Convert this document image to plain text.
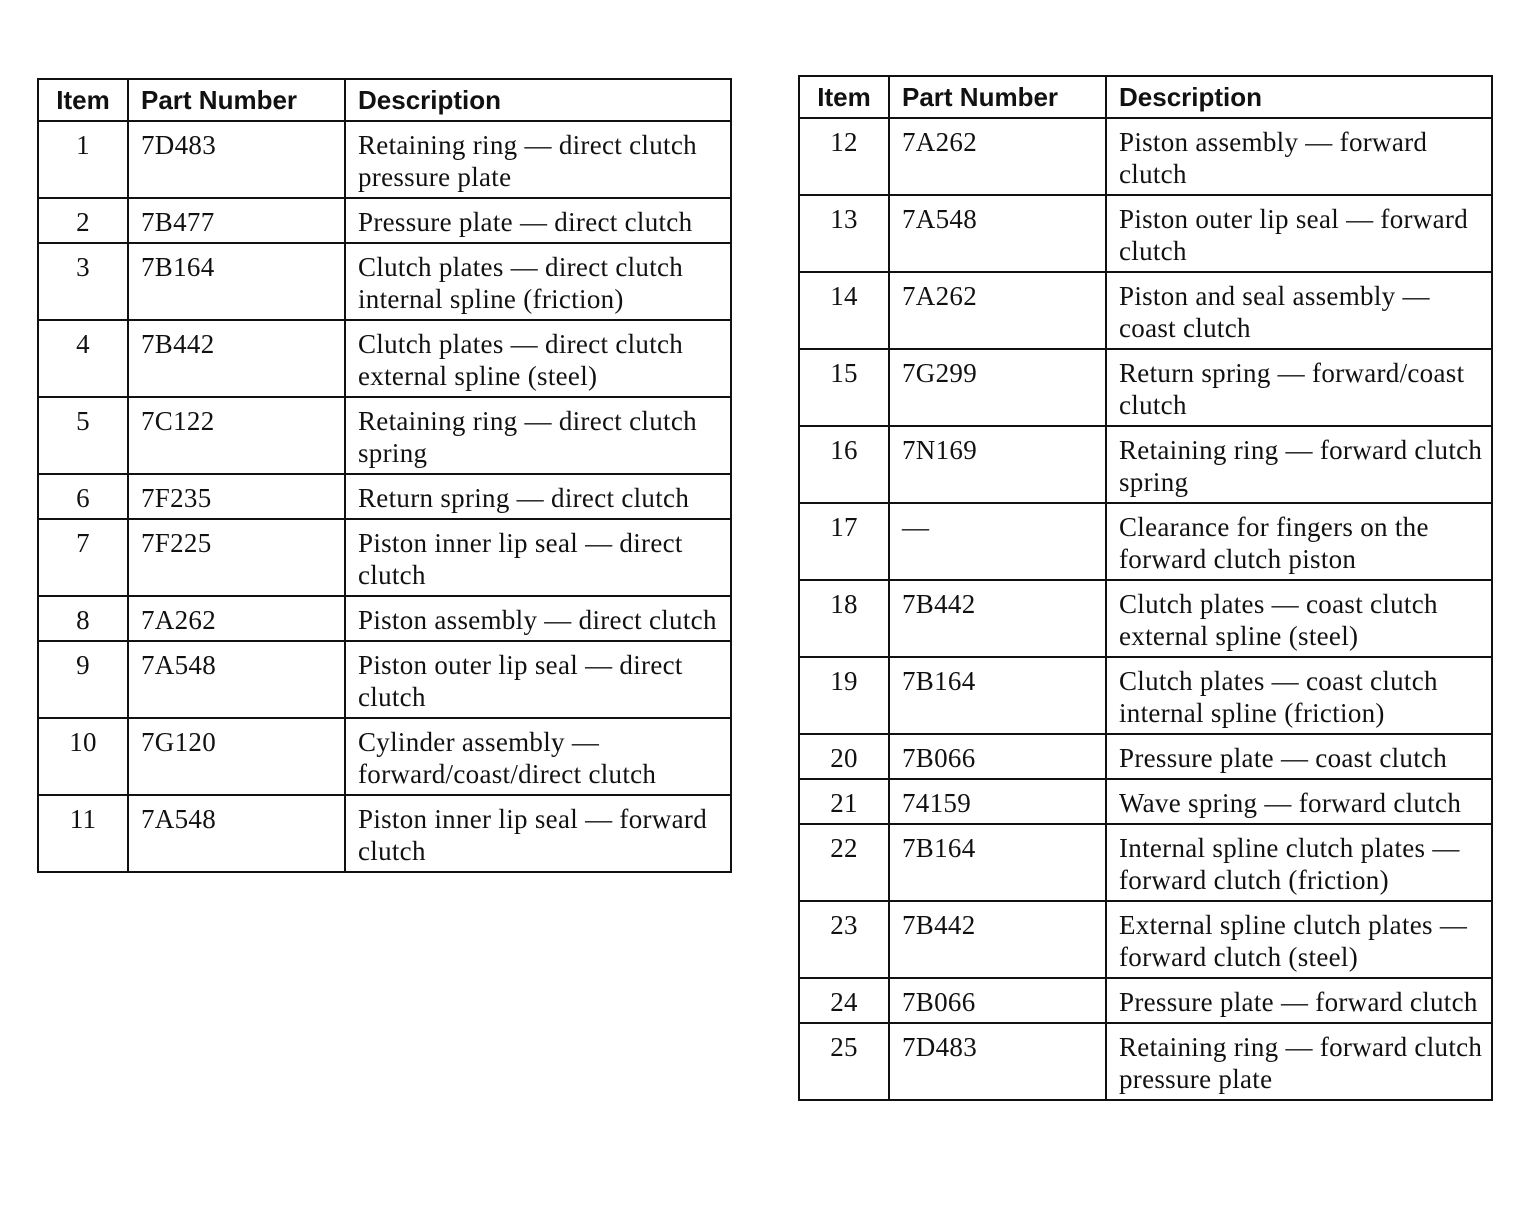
Item	Part Number	Description
1	7D483	Retaining ring — direct clutch pressure plate
2	7B477	Pressure plate — direct clutch
3	7B164	Clutch plates — direct clutch internal spline (friction)
4	7B442	Clutch plates — direct clutch external spline (steel)
5	7C122	Retaining ring — direct clutch spring
6	7F235	Return spring — direct clutch
7	7F225	Piston inner lip seal — direct clutch
8	7A262	Piston assembly — direct clutch
9	7A548	Piston outer lip seal — direct clutch
10	7G120	Cylinder assembly — forward/coast/direct clutch
11	7A548	Piston inner lip seal — forward clutch
Item	Part Number	Description
12	7A262	Piston assembly — forward clutch
13	7A548	Piston outer lip seal — forward clutch
14	7A262	Piston and seal assembly — coast clutch
15	7G299	Return spring — forward/coast clutch
16	7N169	Retaining ring — forward clutch spring
17	—	Clearance for fingers on the forward clutch piston
18	7B442	Clutch plates — coast clutch external spline (steel)
19	7B164	Clutch plates — coast clutch internal spline (friction)
20	7B066	Pressure plate — coast clutch
21	74159	Wave spring — forward clutch
22	7B164	Internal spline clutch plates — forward clutch (friction)
23	7B442	External spline clutch plates — forward clutch (steel)
24	7B066	Pressure plate — forward clutch
25	7D483	Retaining ring — forward clutch pressure plate
